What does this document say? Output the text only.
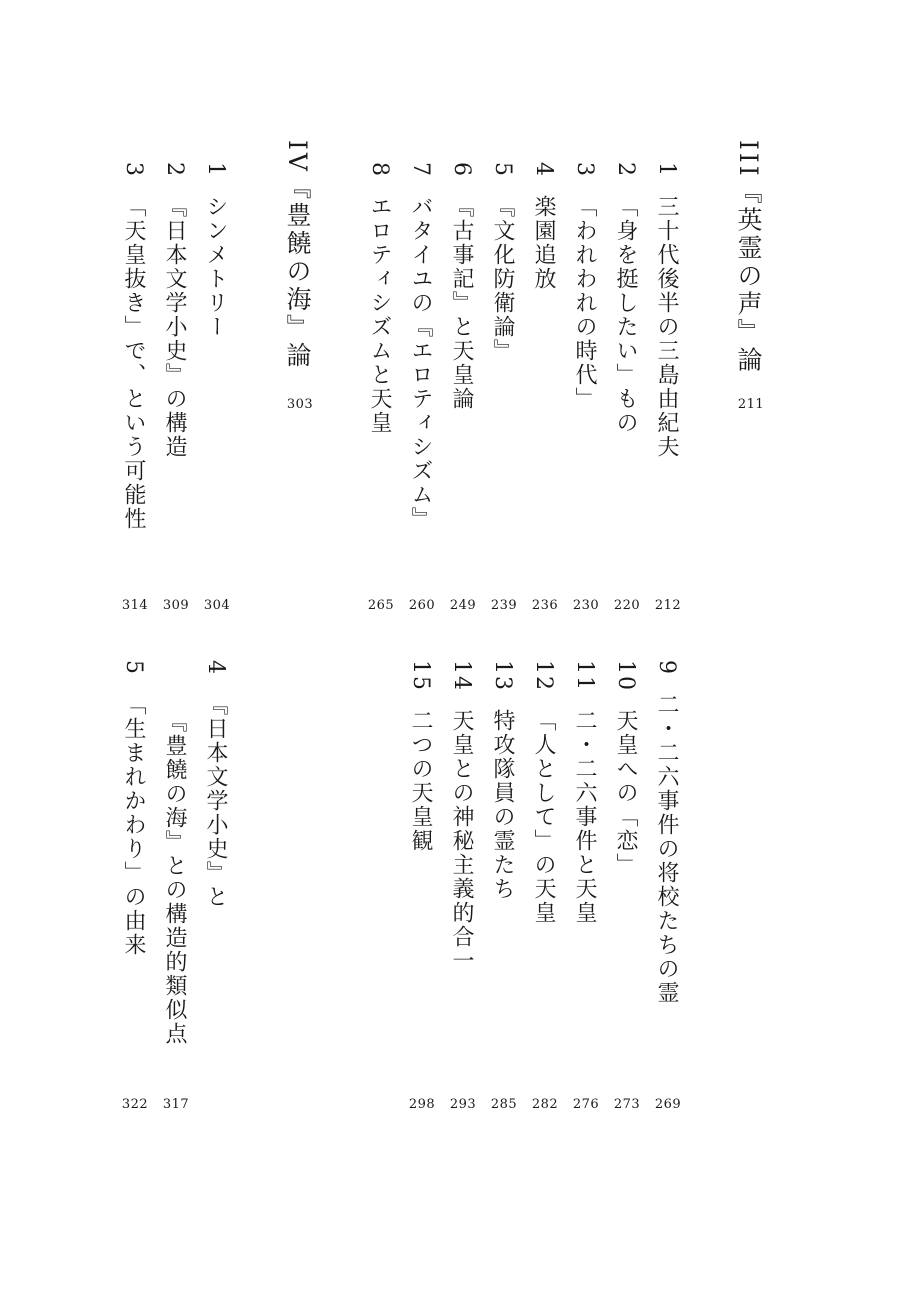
III『英霊の声』論
211
1 三十代後半の三島由紀夫
212
2 「身を挺したい」もの
220
3 「われわれの時代」
230
4 楽園追放
236
5 『文化防衛論』
239
6 『古事記』と天皇論
249
7 バタイユの『エロティシズム』
260
8 エロティシズムと天皇
265
IV『豊饒の海』論
303
1 シンメトリー
304
2 『日本文学小史』の構造
309
3 「天皇抜き」で、という可能性
314
9 二・二六事件の将校たちの霊
269
10 天皇への「恋」
273
11 二・二六事件と天皇
276
12 「人として」の天皇
282
13 特攻隊員の霊たち
285
14 天皇との神秘主義的合一
293
15 二つの天皇観
298
4 『日本文学小史』と
『豊饒の海』との構造的類似点
317
5 「生まれかわり」の由来
322
